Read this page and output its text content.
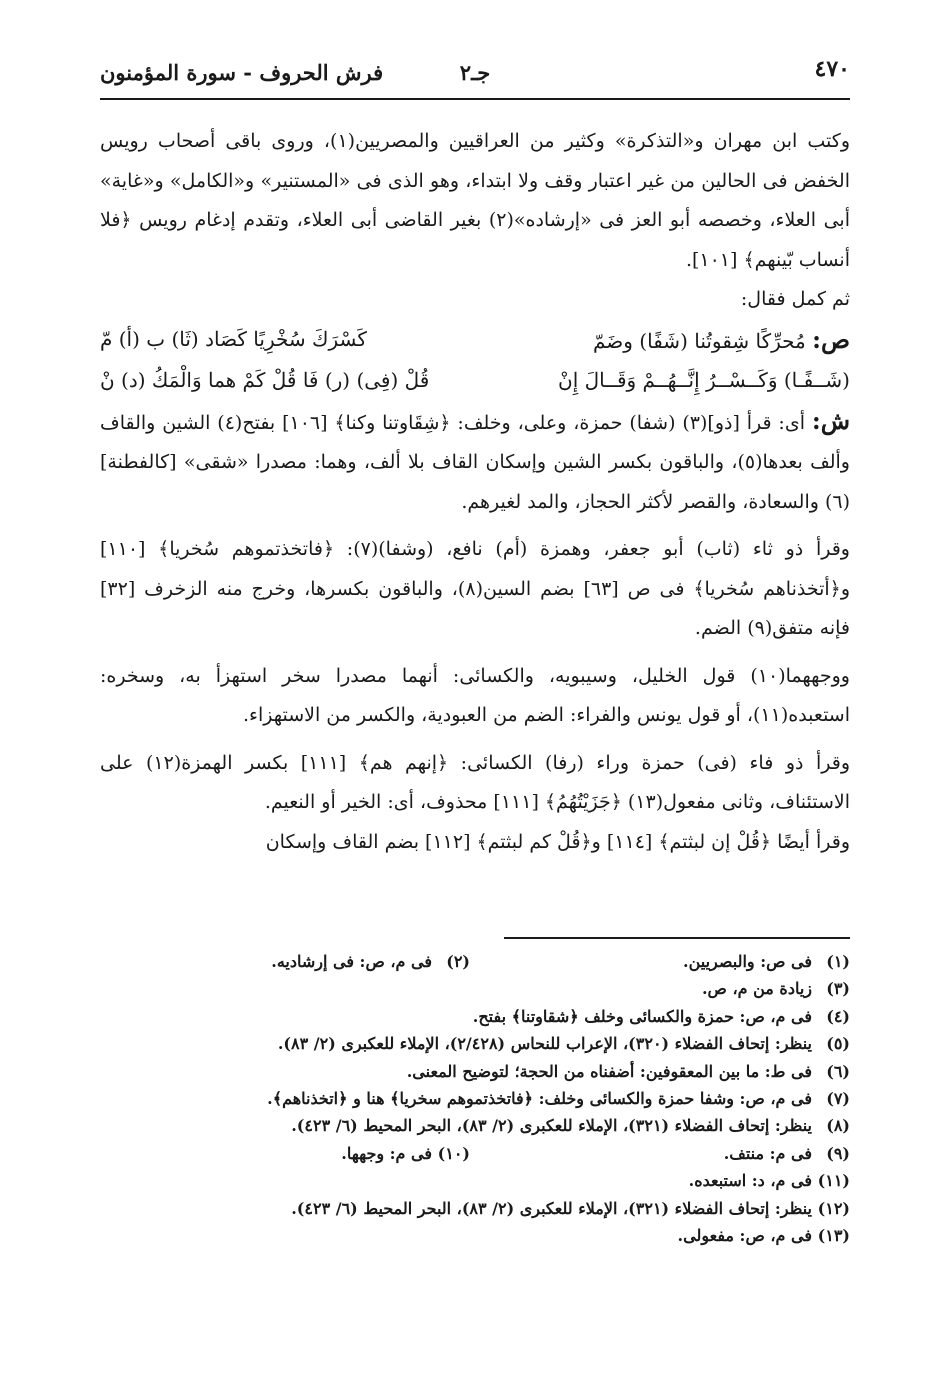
٤٧٠
جـ٢
فرش الحروف - سورة المؤمنون

وكتب ابن مهران و«التذكرة» وكثير من العراقيين والمصريين(١)، وروى باقى أصحاب رويس الخفض فى الحالين من غير اعتبار وقف ولا ابتداء، وهو الذى فى «المستنير» و«الكامل» و«غاية» أبى العلاء، وخصصه أبو العز فى «إرشاده»(٢) بغير القاضى أبى العلاء، وتقدم إدغام رويس ﴿فلا أنساب بّينهم﴾ [١٠١].

ثم كمل فقال:

ص: مُحرِّكًا شِقوتُنا (شَفًا) وضَمّ
كَسْرَكَ سُخْرِيًا كَصَاد (ثَا) ب (أ) مّ
(شَــفًـا) وَكَــسْــرُ إِنَّــهُــمْ وَقَــالَ إِنْ
قُلْ (فِى) (ر) فَا قُلْ كَمْ هما وَالْمَكُ (د) نْ

ش: أى: قرأ [ذو](٣) (شفا) حمزة، وعلى، وخلف: ﴿شِقَاوتنا وكنا﴾ [١٠٦] بفتح(٤) الشين والقاف وألف بعدها(٥)، والباقون بكسر الشين وإسكان القاف بلا ألف، وهما: مصدرا «شقى» [كالفطنة](٦) والسعادة، والقصر لأكثر الحجاز، والمد لغيرهم.

وقرأ ذو ثاء (ثاب) أبو جعفر، وهمزة (أم) نافع، (وشفا)(٧): ﴿فاتخذتموهم سُخريا﴾ [١١٠] و﴿أتخذناهم سُخريا﴾ فى ص [٦٣] بضم السين(٨)، والباقون بكسرها، وخرج منه الزخرف [٣٢] فإنه متفق(٩) الضم.

ووجههما(١٠) قول الخليل، وسيبويه، والكسائى: أنهما مصدرا سخر استهزأ به، وسخره: استعبده(١١)، أو قول يونس والفراء: الضم من العبودية، والكسر من الاستهزاء.

وقرأ ذو فاء (فى) حمزة وراء (رفا) الكسائى: ﴿إنهم هم﴾ [١١١] بكسر الهمزة(١٢) على الاستئناف، وثانى مفعول(١٣) ﴿جَزَيْتُهُمُ﴾ [١١١] محذوف، أى: الخير أو النعيم.

وقرأ أيضًا ﴿قُلْ إن لبثتم﴾ [١١٤] و﴿قُلْ كم لبثتم﴾ [١١٢] بضم القاف وإسكان

(١)
فى ص: والبصريين.
(٢)
فى م، ص: فى إرشاديه.
(٣)
زيادة من م، ص.
(٤)
فى م، ص: حمزة والكسائى وخلف ﴿شقاوتنا﴾ بفتح.
(٥)
ينظر: إتحاف الفضلاء (٣٢٠)، الإعراب للنحاس (٢/٤٢٨)، الإملاء للعكبرى (٢/ ٨٣).
(٦)
فى ط: ما بين المعقوفين: أضفناه من الحجة؛ لتوضيح المعنى.
(٧)
فى م، ص: وشفا حمزة والكسائى وخلف: ﴿فاتخذتموهم سخريا﴾ هنا و ﴿اتخذناهم﴾.
(٨)
ينظر: إتحاف الفضلاء (٣٢١)، الإملاء للعكبرى (٢/ ٨٣)، البحر المحيط (٦/ ٤٢٣).
(٩)
فى م: منتف.
(١٠)
فى م: وجهها.
(١١)
فى م، د: استبعده.
(١٢)
ينظر: إتحاف الفضلاء (٣٢١)، الإملاء للعكبرى (٢/ ٨٣)، البحر المحيط (٦/ ٤٢٣).
(١٣)
فى م، ص: مفعولى.
